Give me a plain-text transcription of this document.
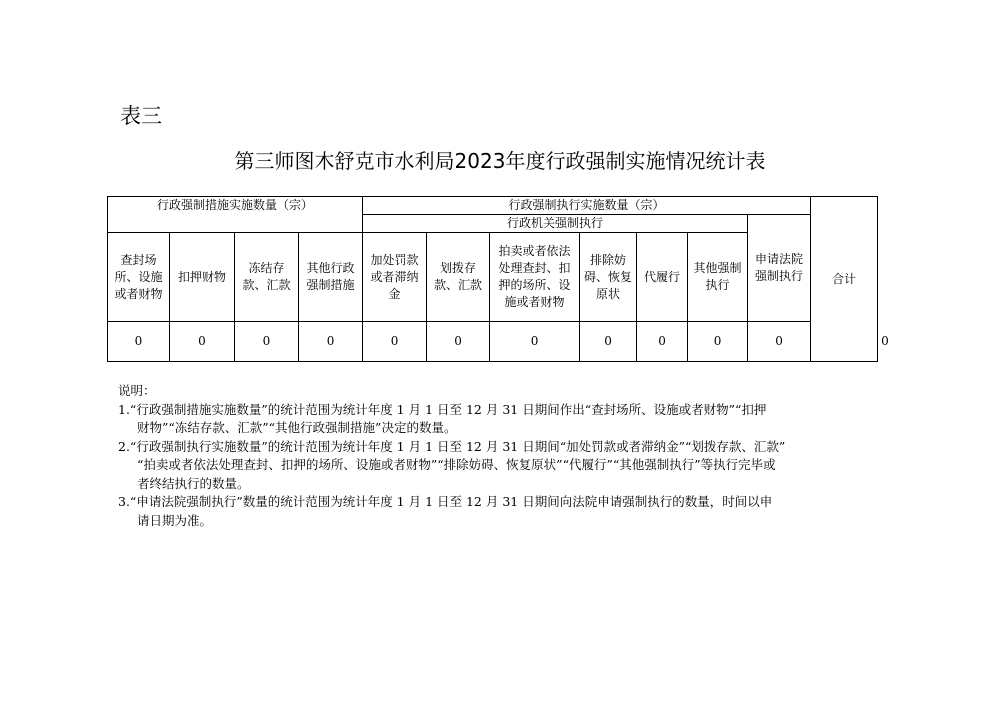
表三
第三师图木舒克市水利局2023年度行政强制实施情况统计表
行政强制措施实施数量（宗）				行政强制执行实施数量（宗）							合计	
				行政机关强制执行						申请法院强制执行		
查封场所、设施或者财物	扣押财物	冻结存款、汇款	其他行政强制措施	加处罚款或者滞纳金	划拨存款、汇款	拍卖或者依法处理查封、扣押的场所、设施或者财物	排除妨碍、恢复原状	代履行	其他强制执行			
0	0	0	0	0	0	0	0	0	0	0		0

说明：

1.“行政强制措施实施数量”的统计范围为统计年度 1 月 1 日至 12 月 31 日期间作出“查封场所、设施或者财物”“扣押

财物”“冻结存款、汇款”“其他行政强制措施”决定的数量。

2.“行政强制执行实施数量”的统计范围为统计年度 1 月 1 日至 12 月 31 日期间“加处罚款或者滞纳金”“划拨存款、汇款”

“拍卖或者依法处理查封、扣押的场所、设施或者财物”“排除妨碍、恢复原状”“代履行”“其他强制执行”等执行完毕或

者终结执行的数量。

3.“申请法院强制执行”数量的统计范围为统计年度 1 月 1 日至 12 月 31 日期间向法院申请强制执行的数量，时间以申

请日期为准。
